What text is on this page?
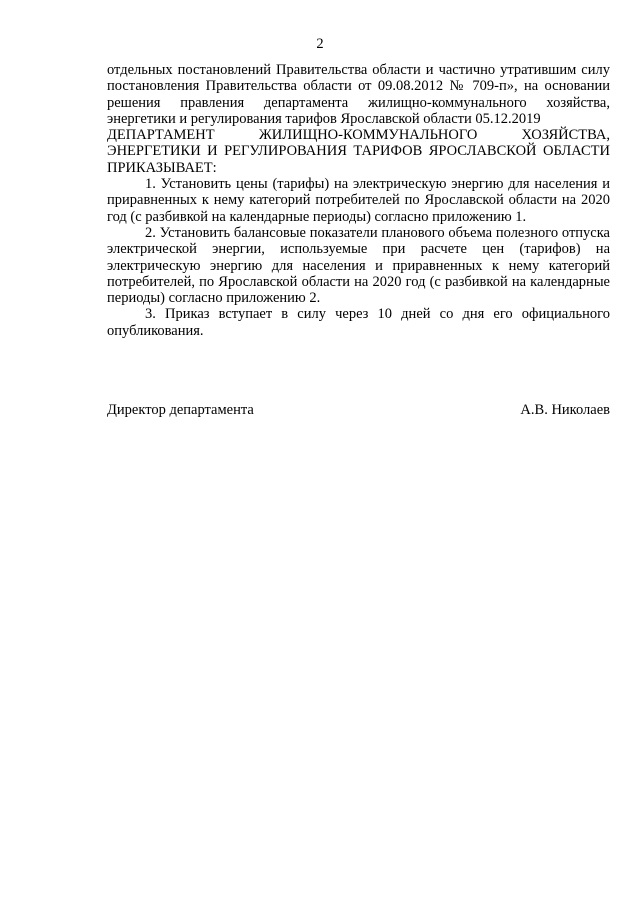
2

отдельных постановлений Правительства области и частично утратившим силу постановления Правительства области от 09.08.2012 № 709-п», на основании решения правления департамента жилищно-коммунального хозяйства, энергетики и регулирования тарифов Ярославской области 05.12.2019

ДЕПАРТАМЕНТ ЖИЛИЩНО-КОММУНАЛЬНОГО ХОЗЯЙСТВА, ЭНЕРГЕТИКИ И РЕГУЛИРОВАНИЯ ТАРИФОВ ЯРОСЛАВСКОЙ ОБЛАСТИ ПРИКАЗЫВАЕТ:

1. Установить цены (тарифы) на электрическую энергию для населения и приравненных к нему категорий потребителей по Ярославской области на 2020 год (с разбивкой на календарные периоды) согласно приложению 1.

2. Установить балансовые показатели планового объема полезного отпуска электрической энергии, используемые при расчете цен (тарифов) на электрическую энергию для населения и приравненных к нему категорий потребителей, по Ярославской области на 2020 год (с разбивкой на календарные периоды) согласно приложению 2.

3. Приказ вступает в силу через 10 дней со дня его официального опубликования.

Директор департамента	А.В. Николаев
